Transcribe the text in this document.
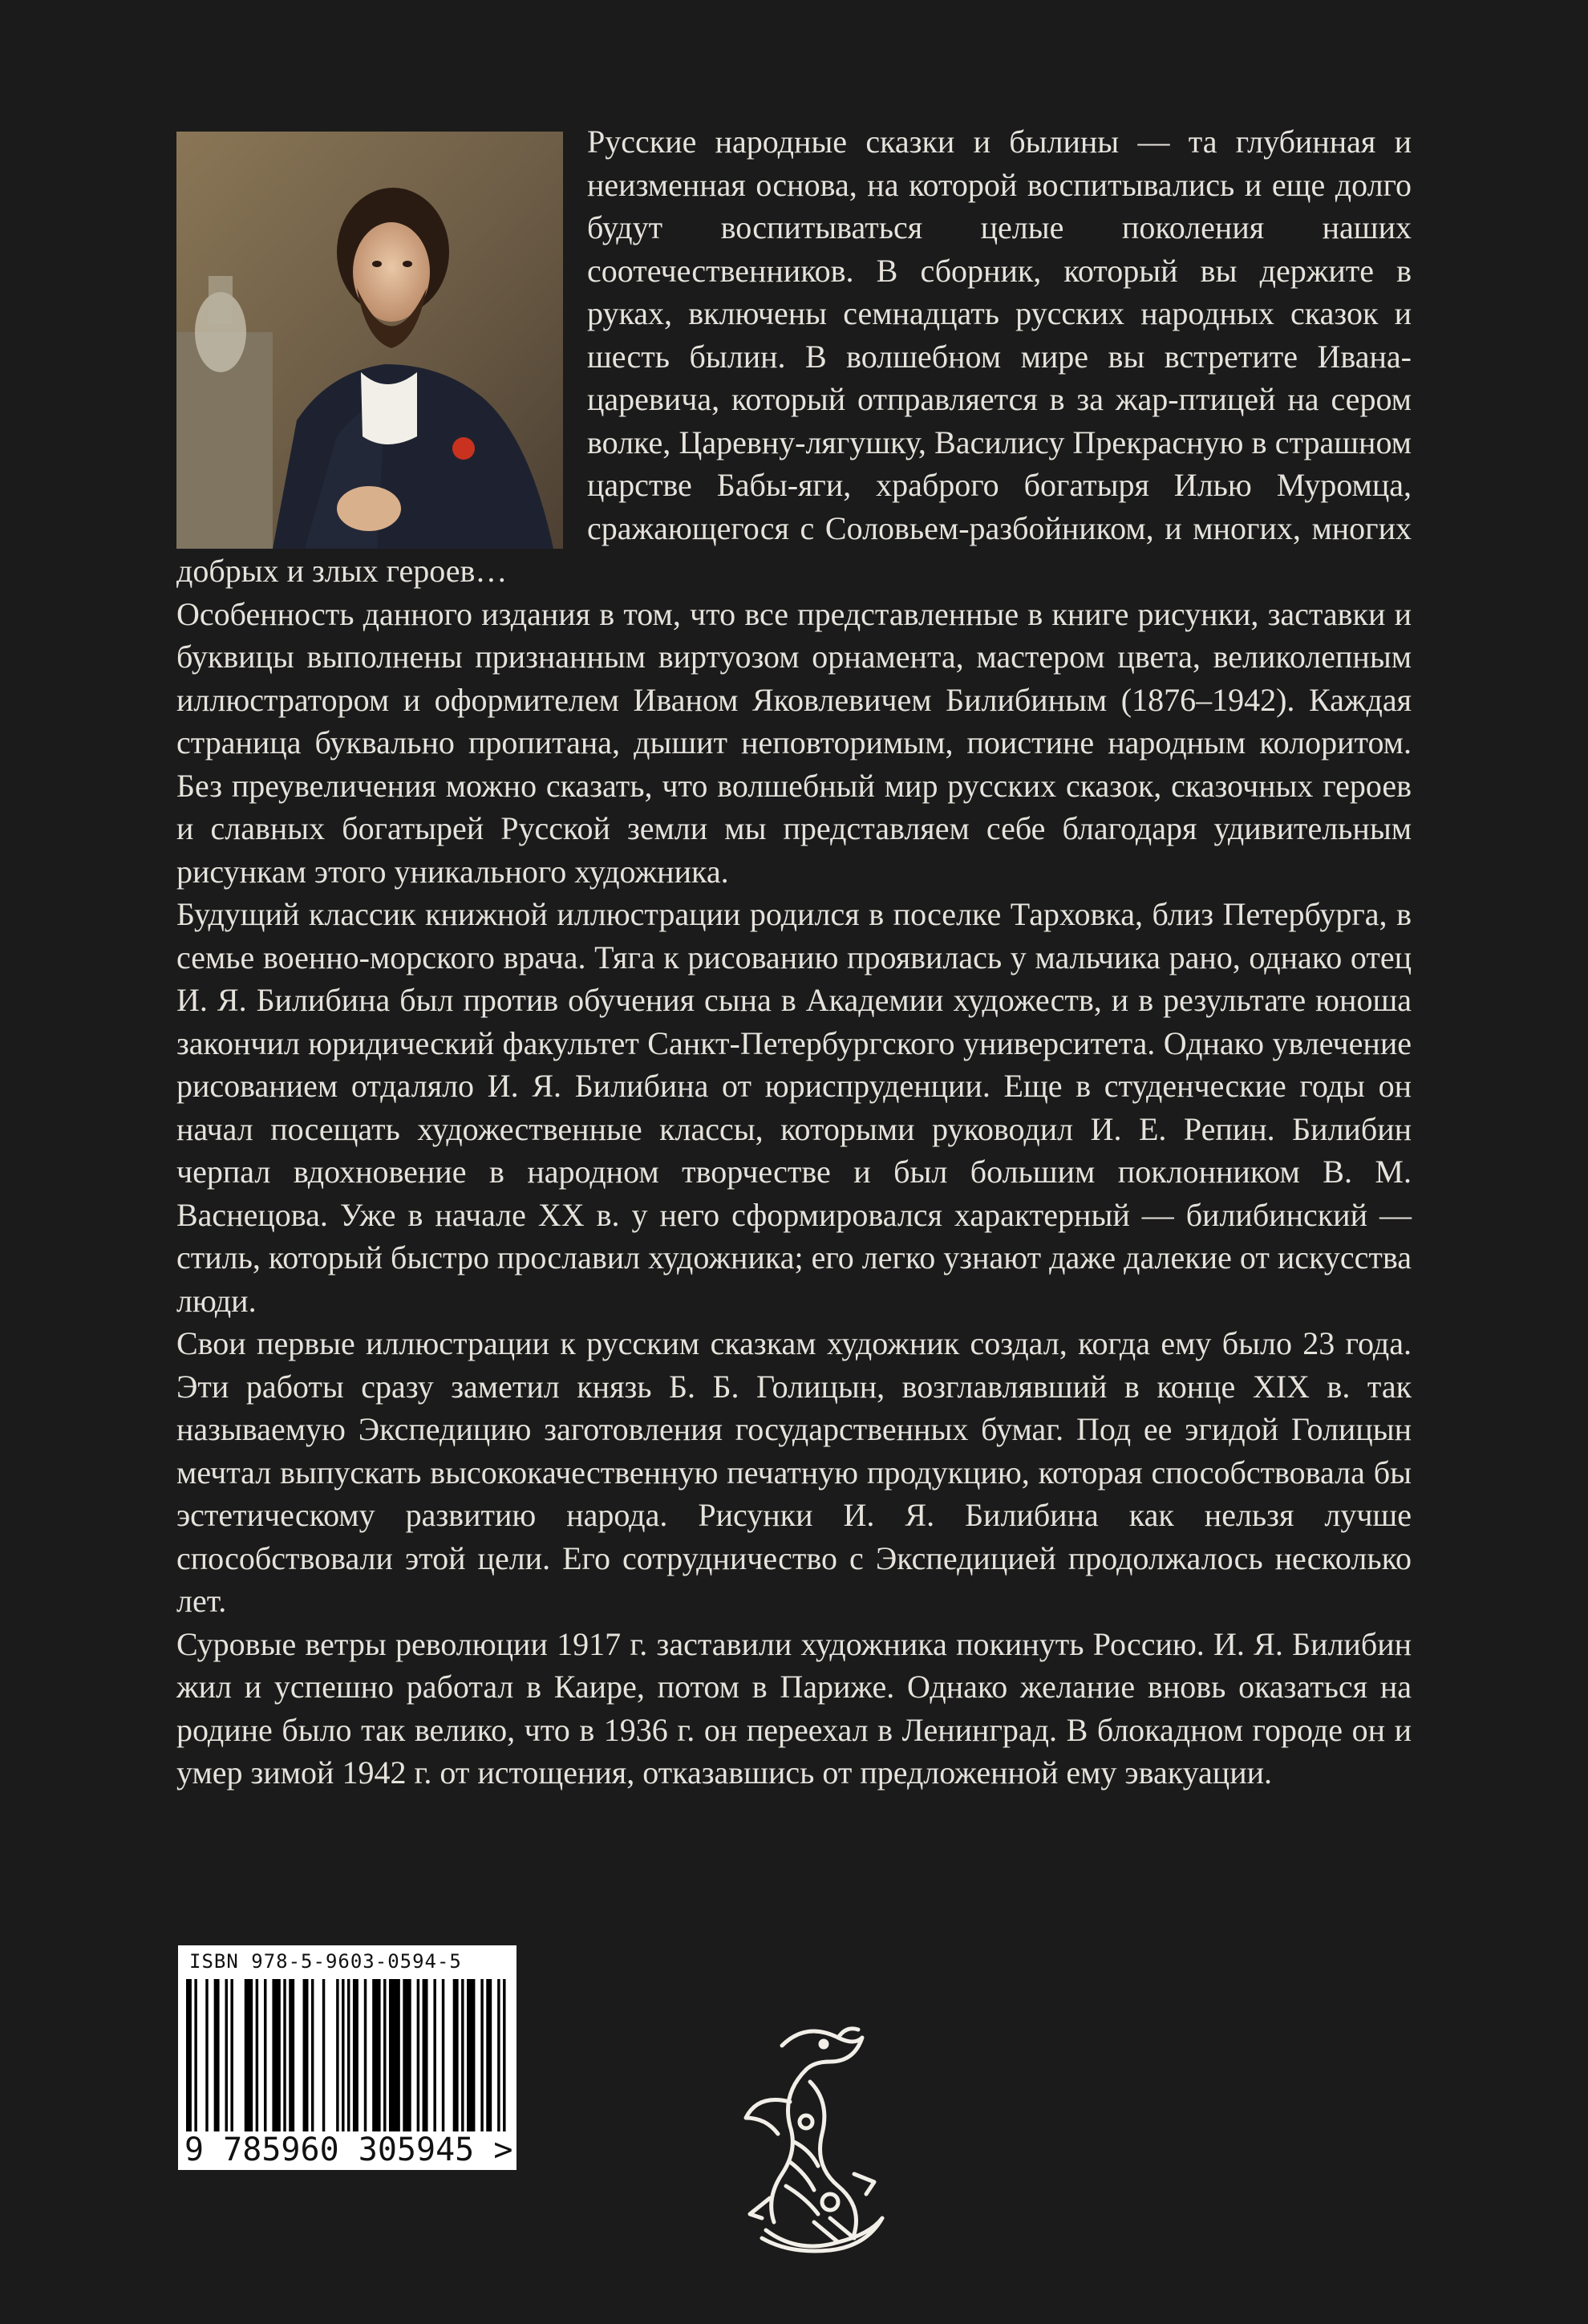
Русские народные сказки и былины — та глубинная и неизменная основа, на которой воспитывались и еще долго будут воспитываться целые поколения наших соотечественников. В сборник, который вы держите в руках, включены семнадцать русских народных сказок и шесть былин. В волшебном мире вы встретите Ивана-царевича, который отправляется в за жар-птицей на сером волке, Царевну-лягушку, Василису Прекрасную в страшном царстве Бабы-яги, храброго богатыря Илью Муромца, сражающегося с Соловьем-разбойником, и многих, многих добрых и злых героев…

Особенность данного издания в том, что все представленные в книге рисунки, заставки и буквицы выполнены признанным виртуозом орнамента, мастером цвета, великолепным иллюстратором и оформителем Иваном Яковлевичем Билибиным (1876–1942). Каждая страница буквально пропитана, дышит неповторимым, поистине народным колоритом. Без преувеличения можно сказать, что волшебный мир русских сказок, сказочных героев и славных богатырей Русской земли мы представляем себе благодаря удивительным рисункам этого уникального художника.

Будущий классик книжной иллюстрации родился в поселке Тарховка, близ Петербурга, в семье военно-морского врача. Тяга к рисованию проявилась у мальчика рано, однако отец И. Я. Билибина был против обучения сына в Академии художеств, и в результате юноша закончил юридический факультет Санкт-Петербургского университета. Однако увлечение рисованием отдаляло И. Я. Билибина от юриспруденции. Еще в студенческие годы он начал посещать художественные классы, которыми руководил И. Е. Репин. Билибин черпал вдохновение в народном творчестве и был большим поклонником В. М. Васнецова. Уже в начале XX в. у него сформировался характерный — билибинский — стиль, который быстро прославил художника; его легко узнают даже далекие от искусства люди.

Свои первые иллюстрации к русским сказкам художник создал, когда ему было 23 года. Эти работы сразу заметил князь Б. Б. Голицын, возглавлявший в конце XIX в. так называемую Экспедицию заготовления государственных бумаг. Под ее эгидой Голицын мечтал выпускать высококачественную печатную продукцию, которая способствовала бы эстетическому развитию народа. Рисунки И. Я. Билибина как нельзя лучше способствовали этой цели. Его сотрудничество с Экспедицией продолжалось несколько лет.

Суровые ветры революции 1917 г. заставили художника покинуть Россию. И. Я. Билибин жил и успешно работал в Каире, потом в Париже. Однако желание вновь оказаться на родине было так велико, что в 1936 г. он переехал в Ленинград. В блокадном городе он и умер зимой 1942 г. от истощения, отказавшись от предложенной ему эвакуации.

ISBN 978-5-9603-0594-5
9 785960 305945 >
